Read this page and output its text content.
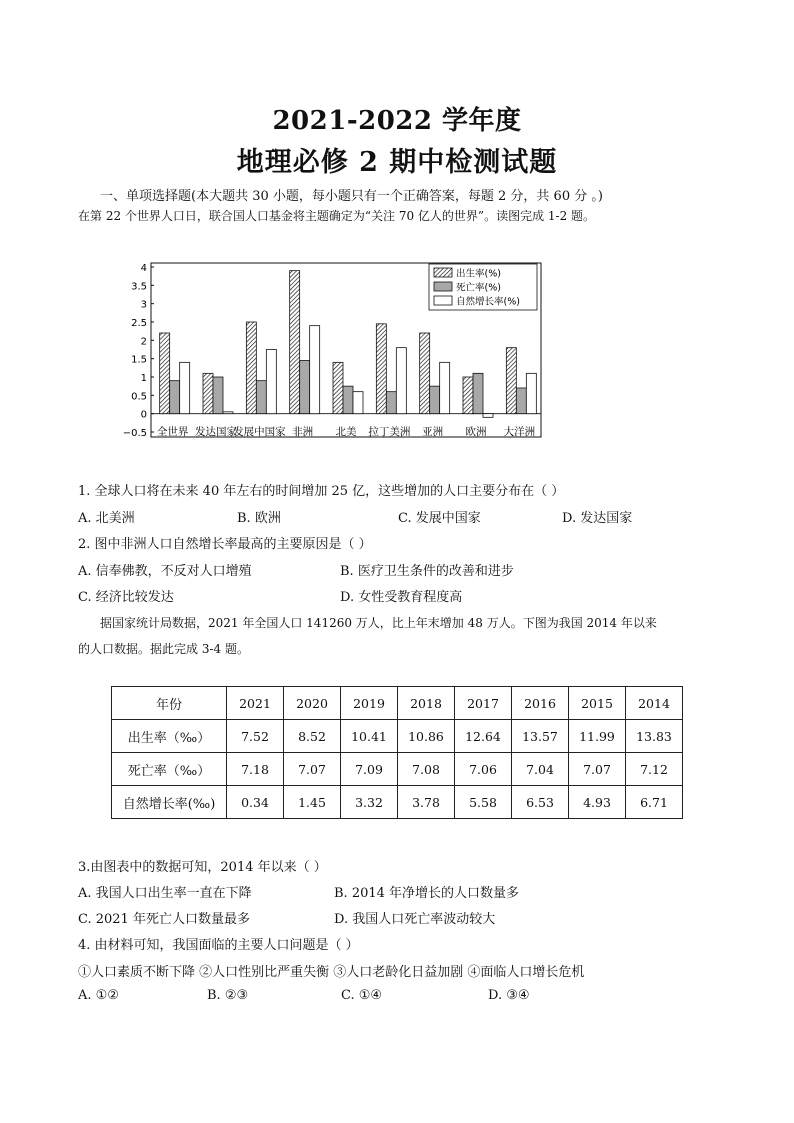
2021-2022 学年度
地理必修 2 期中检测试题
一、单项选择题(本大题共 30 小题，每小题只有一个正确答案，每题 2 分，共 60 分 。)
在第 22 个世界人口日，联合国人口基金将主题确定为“关注 70 亿人的世界”。读图完成 1-2 题。
4
3.5
3
2.5
2
1.5
1
0.5
0
−0.5 全世界 发达国家
发展中国家 非洲 北美 拉丁美洲 亚洲 欧洲 大洋洲
出生率(%)
死亡率(%)
自然增长率(%)
1. 全球人口将在未来 40 年左右的时间增加 25 亿，这些增加的人口主要分布在（ ）
A. 北美洲	B. 欧洲	C. 发展中国家	D. 发达国家
2. 图中非洲人口自然增长率最高的主要原因是（ ）
A. 信奉佛教，不反对人口增殖	B. 医疗卫生条件的改善和进步
C. 经济比较发达	D. 女性受教育程度高
据国家统计局数据，2021 年全国人口 141260 万人，比上年末增加 48 万人。下图为我国 2014 年以来
的人口数据。据此完成 3-4 题。
年份	2021	2020	2019	2018	2017	2016	2015	2014
出生率（‰）	7.52	8.52	10.41	10.86	12.64	13.57	11.99	13.83
死亡率（‰）	7.18	7.07	7.09	7.08	7.06	7.04	7.07	7.12
自然增长率(‰)	0.34	1.45	3.32	3.78	5.58	6.53	4.93	6.71
3.由图表中的数据可知，2014 年以来（ ）
A. 我国人口出生率一直在下降	B. 2014 年净增长的人口数量多
C. 2021 年死亡人口数量最多	D. 我国人口死亡率波动较大
4. 由材料可知，我国面临的主要人口问题是（ ）
①人口素质不断下降 ②人口性别比严重失衡 ③人口老龄化日益加剧 ④面临人口增长危机
A. ①②	B. ②③	C. ①④	D. ③④
